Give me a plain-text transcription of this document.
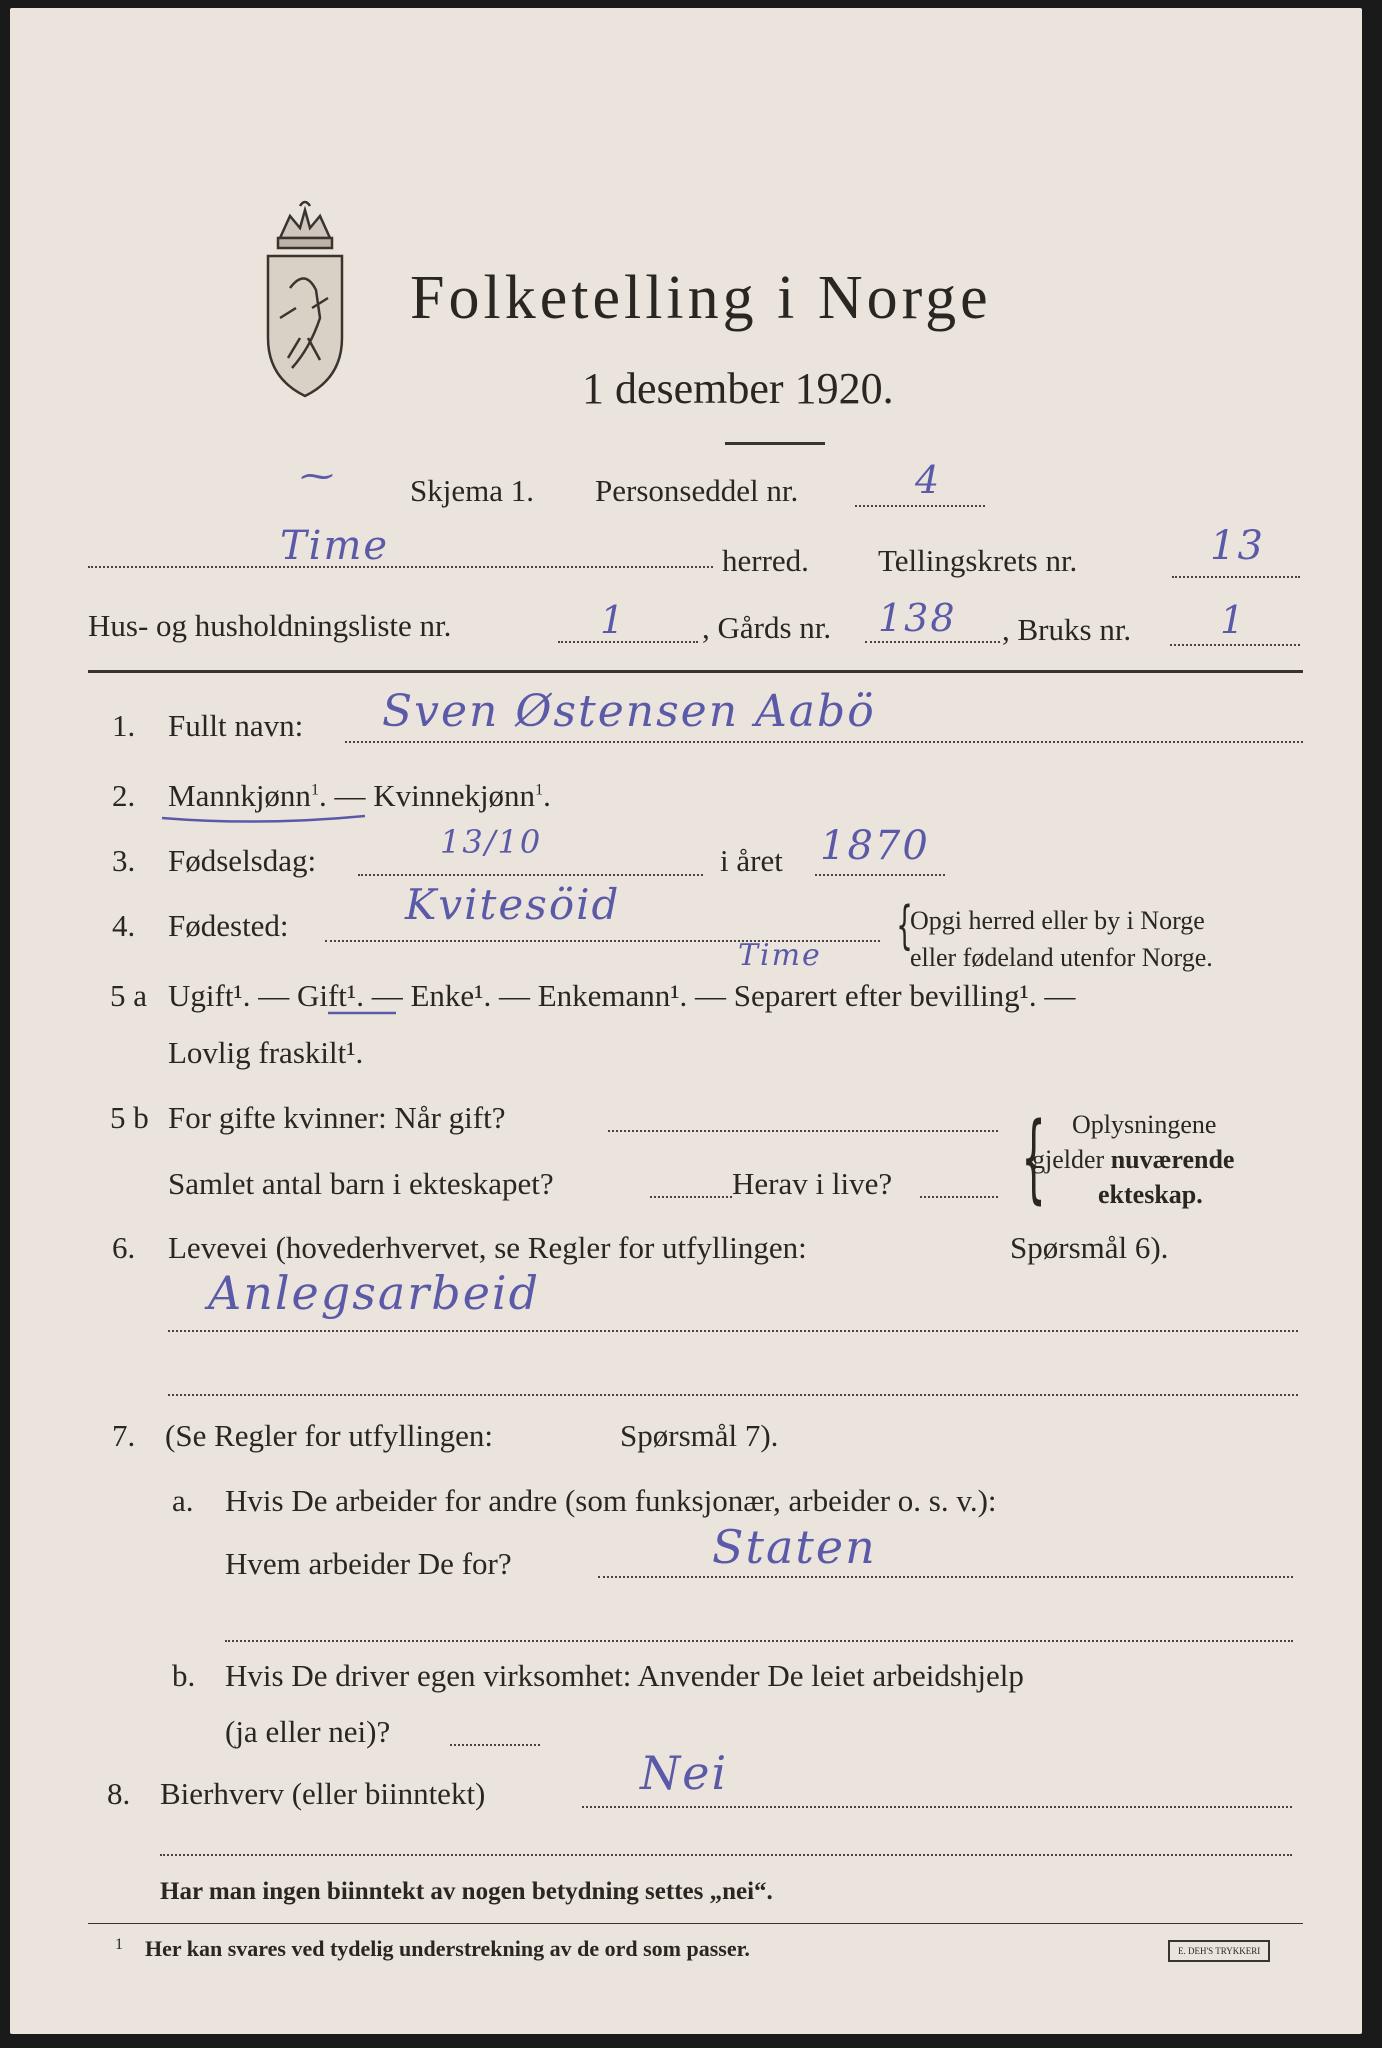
Folketelling i Norge
1 desember 1920.
⁓ Skjema 1. Personseddel nr.	4
Time	herred. Tellingskrets nr.	13
Hus- og husholdningsliste nr.	1 , Gårds nr. 138 , Bruks nr. 1
1. Fullt navn: Sven Østensen Aabö
2. Mannkjønn$^1$. — Kvinnekjønn$^1$.
3. Fødselsdag:	13/10	i året 1870
4. Fødested:	Kvitesöid
Time {
Opgi herred eller by i Norge
eller fødeland utenfor Norge.
5 a Ugift¹. — Gift¹. — Enke¹. — Enkemann¹. — Separert efter bevilling¹. —
Lovlig fraskilt¹.
5 b For gifte kvinner: Når gift?
Samlet antal barn i ekteskapet?	Herav i live? { Oplysningene
gjelder nuværende
ekteskap.
6. Levevei (hovederhvervet, se Regler for utfyllingen:	Spørsmål 6).
Anlegsarbeid
7. (Se Regler for utfyllingen:	Spørsmål 7).
a. Hvis De arbeider for andre (som funksjonær, arbeider o. s. v.):
Hvem arbeider De for?	Staten
b. Hvis De driver egen virksomhet: Anvender De leiet arbeidshjelp
(ja eller nei)?
8. Bierhverv (eller biinntekt)	Nei
Har man ingen biinntekt av nogen betydning settes „nei“.
1 Her kan svares ved tydelig understrekning av de ord som passer.	E. DEH'S TRYKKERI
